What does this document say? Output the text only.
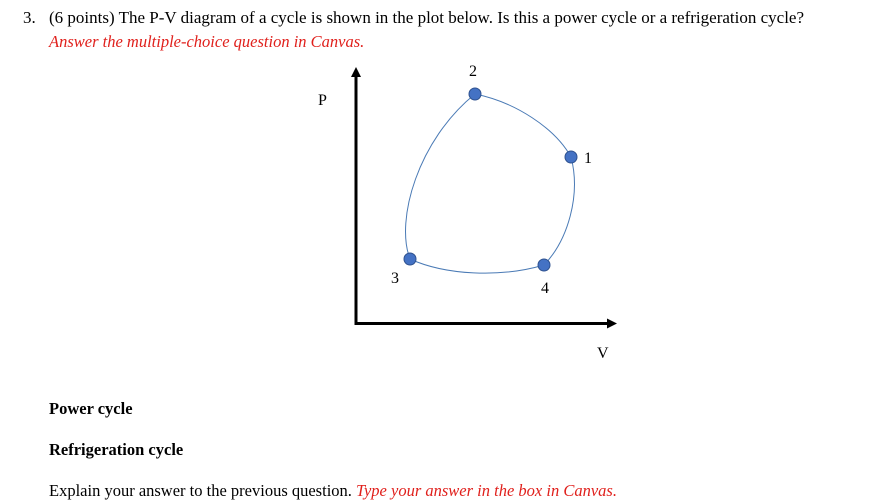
3. (6 points) The P-V diagram of a cycle is shown in the plot below. Is this a power cycle or a refrigeration cycle?
Answer the multiple-choice question in Canvas.
P
V
2
1
3
4
Power cycle
Refrigeration cycle
Explain your answer to the previous question. Type your answer in the box in Canvas.
